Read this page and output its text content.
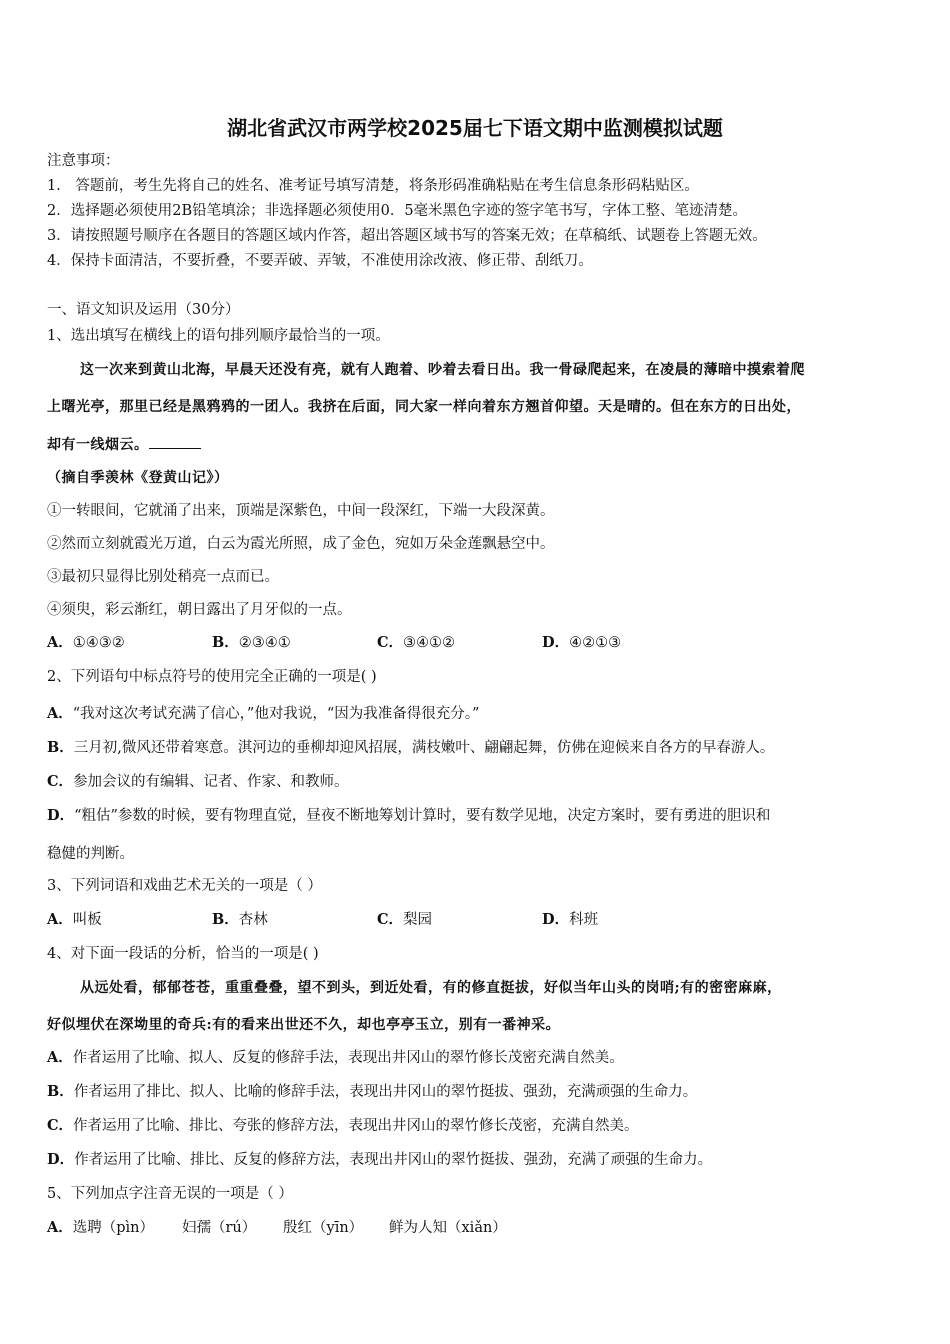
湖北省武汉市两学校2025届七下语文期中监测模拟试题
注意事项：
1． 答题前，考生先将自己的姓名、准考证号填写清楚，将条形码准确粘贴在考生信息条形码粘贴区。
2．选择题必须使用2B铅笔填涂；非选择题必须使用0．5毫米黑色字迹的签字笔书写，字体工整、笔迹清楚。
3．请按照题号顺序在各题目的答题区域内作答，超出答题区域书写的答案无效；在草稿纸、试题卷上答题无效。
4．保持卡面清洁，不要折叠，不要弄破、弄皱，不准使用涂改液、修正带、刮纸刀。
一、语文知识及运用（30分）
1、选出填写在横线上的语句排列顺序最恰当的一项。
这一次来到黄山北海，早晨天还没有亮，就有人跑着、吵着去看日出。我一骨碌爬起来，在凌晨的薄暗中摸索着爬
上曙光亭，那里已经是黑鸦鸦的一团人。我挤在后面，同大家一样向着东方翘首仰望。天是晴的。但在东方的日出处，
却有一线烟云。
（摘自季羡林《登黄山记》）
①一转眼间，它就涌了出来，顶端是深紫色，中间一段深红，下端一大段深黄。
②然而立刻就霞光万道，白云为霞光所照，成了金色，宛如万朵金莲飘悬空中。
③最初只显得比别处稍亮一点而已。
④须臾，彩云渐红，朝日露出了月牙似的一点。
A．①④③②	B．②③④①	C．③④①②	D．④②①③
2、下列语句中标点符号的使用完全正确的一项是( )
A．“我对这次考试充满了信心，”他对我说，“因为我准备得很充分。”
B．三月初,微风还带着寒意。淇河边的垂柳却迎风招展，满枝嫩叶、翩翩起舞，仿佛在迎候来自各方的早春游人。
C．参加会议的有编辑、记者、作家、和教师。
D．“粗估”参数的时候，要有物理直觉，昼夜不断地筹划计算时，要有数学见地，决定方案时，要有勇进的胆识和
稳健的判断。
3、下列词语和戏曲艺术无关的一项是（ ）
A．叫板	B．杏林	C．梨园	D．科班
4、对下面一段话的分析，恰当的一项是( )
从远处看，郁郁苍苍，重重叠叠，望不到头，到近处看，有的修直挺拔，好似当年山头的岗哨;有的密密麻麻，
好似埋伏在深坳里的奇兵:有的看来出世还不久，却也亭亭玉立，别有一番神采。
A．作者运用了比喻、拟人、反复的修辞手法，表现出井冈山的翠竹修长茂密充满自然美。
B．作者运用了排比、拟人、比喻的修辞手法，表现出井冈山的翠竹挺拔、强劲，充满顽强的生命力。
C．作者运用了比喻、排比、夸张的修辞方法，表现出井冈山的翠竹修长茂密，充满自然美。
D．作者运用了比喻、排比、反复的修辞方法，表现出井冈山的翠竹挺拔、强劲，充满了顽强的生命力。
5、下列加点字注音无误的一项是（ ）
A．选聘（pìn） 妇孺（rú） 殷红（yīn） 鲜为人知（xiǎn）
